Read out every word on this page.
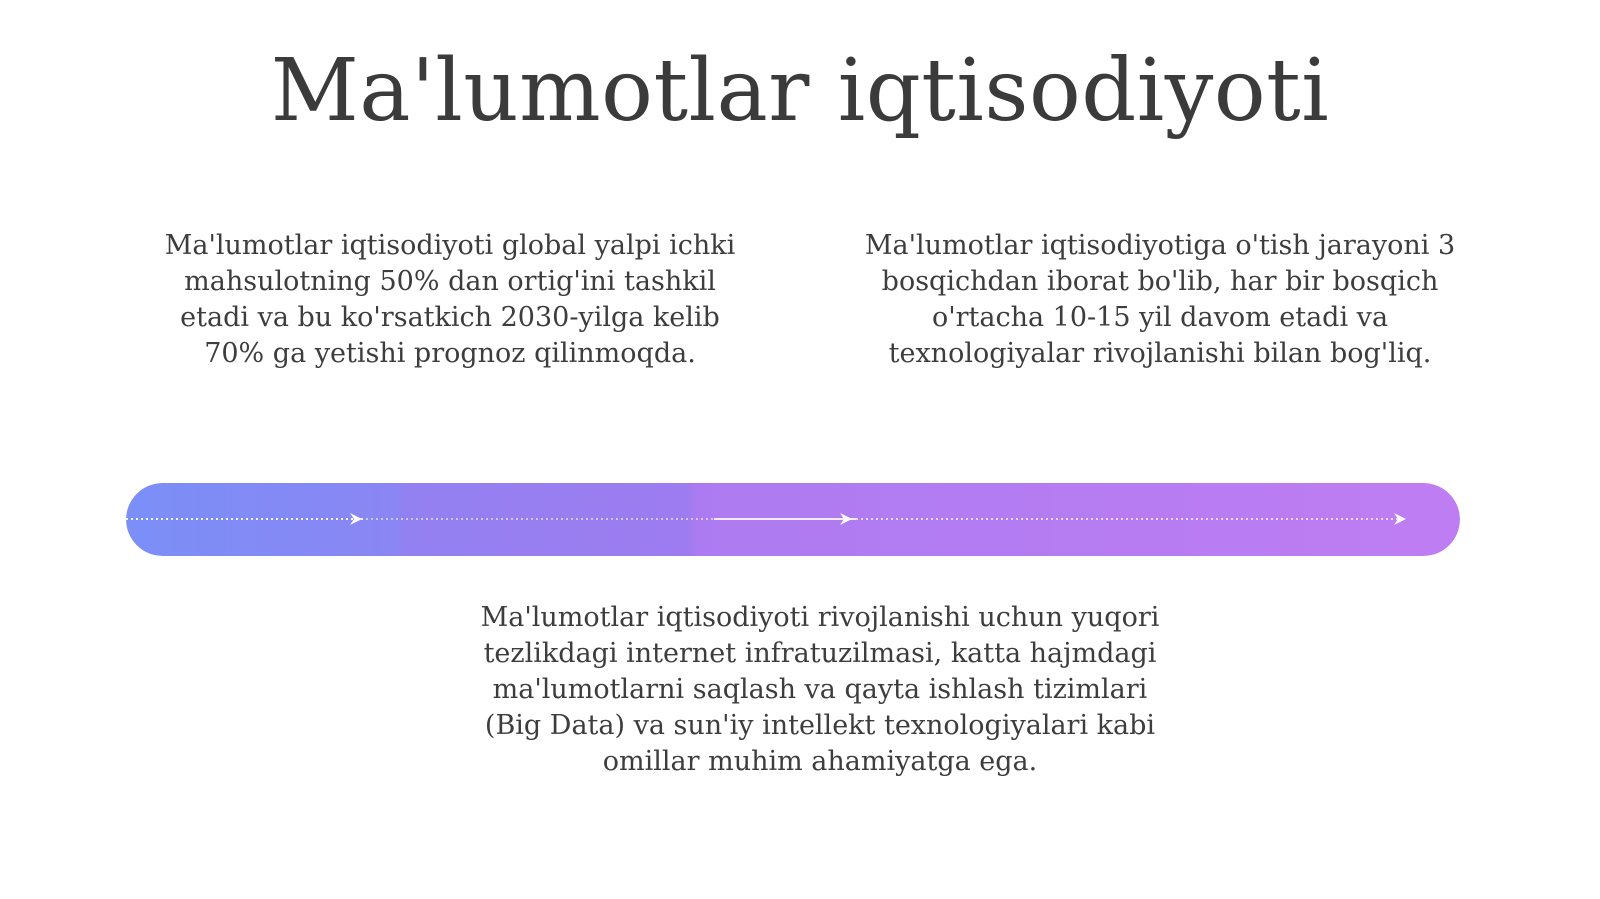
Ma'lumotlar iqtisodiyoti
Ma'lumotlar iqtisodiyoti global yalpi ichki mahsulotning 50% dan ortig'ini tashkil etadi va bu ko'rsatkich 2030-yilga kelib 70% ga yetishi prognoz qilinmoqda.
Ma'lumotlar iqtisodiyotiga o'tish jarayoni 3 bosqichdan iborat bo'lib, har bir bosqich o'rtacha 10-15 yil davom etadi va texnologiyalar rivojlanishi bilan bog'liq.
Ma'lumotlar iqtisodiyoti rivojlanishi uchun yuqori tezlikdagi internet infratuzilmasi, katta hajmdagi ma'lumotlarni saqlash va qayta ishlash tizimlari (Big Data) va sun'iy intellekt texnologiyalari kabi omillar muhim ahamiyatga ega.
